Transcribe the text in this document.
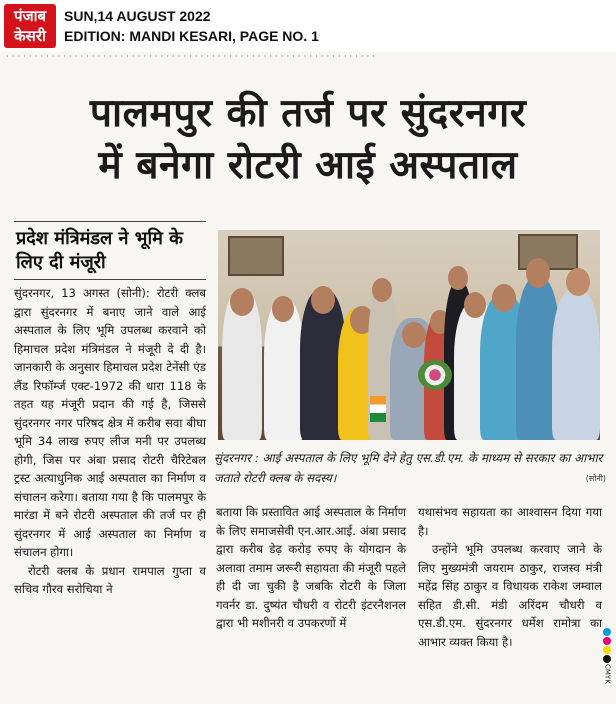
पंजाब
केसरी
SUN,14 AUGUST 2022
EDITION: MANDI KESARI, PAGE NO. 1
· · · · · · · · · · · · · · · · · · · · · · · · · · · · · · · · · · · · · · · · · · · · · · · · · · · · · · · · · · · · · · · · ·
पालमपुर की तर्ज पर सुंदरनगर
में बनेगा रोटरी आई अस्पताल
प्रदेश मंत्रिमंडल ने भूमि के लिए दी मंजूरी

सुंदरनगर, 13 अगस्त (सोनी): रोटरी क्लब द्वारा सुंदरनगर में बनाए जाने वाले आई अस्पताल के लिए भूमि उपलब्ध करवाने को हिमाचल प्रदेश मंत्रिमंडल ने मंजूरी दे दी है। जानकारी के अनुसार हिमाचल प्रदेश टेनेंसी एंड लैंड रिफॉर्म्ज एक्ट-1972 की धारा 118 के तहत यह मंजूरी प्रदान की गई है, जिससे सुंदरनगर नगर परिषद क्षेत्र में करीब सवा बीघा भूमि 34 लाख रुपए लीज मनी पर उपलब्ध होगी, जिस पर अंबा प्रसाद रोटरी चैरिटेबल ट्रस्ट अत्याधुनिक आई अस्पताल का निर्माण व संचालन करेगा। बताया गया है कि पालमपुर के मारंडा में बने रोटरी अस्पताल की तर्ज पर ही सुंदरनगर में आई अस्पताल का निर्माण व संचालन होगा।

रोटरी क्लब के प्रधान रामपाल गुप्ता व सचिव गौरव सरोचिया ने

सुंदरनगर : आई अस्पताल के लिए भूमि देने हेतु एस.डी.एम. के माध्यम से सरकार का आभार जताते रोटरी क्लब के सदस्य।	(सोनी)
बताया कि प्रस्तावित आई अस्पताल के निर्माण के लिए समाजसेवी एन.आर.आई. अंबा प्रसाद द्वारा करीब डेढ़ करोड़ रुपए के योगदान के अलावा तमाम जरूरी सहायता की मंजूरी पहले ही दी जा चुकी है जबकि रोटरी के जिला गवर्नर डा. दुष्यंत चौधरी व रोटरी इंटरनैशनल द्वारा भी मशीनरी व उपकरणों में

यथासंभव सहायता का आश्वासन दिया गया है।

उन्होंने भूमि उपलब्ध करवाए जाने के लिए मुख्यमंत्री जयराम ठाकुर, राजस्व मंत्री महेंद्र सिंह ठाकुर व विधायक राकेश जम्वाल सहित डी.सी. मंडी अरिंदम चौधरी व एस.डी.एम. सुंदरनगर धर्मेश रामोत्रा का आभार व्यक्त किया है।

CMYK
